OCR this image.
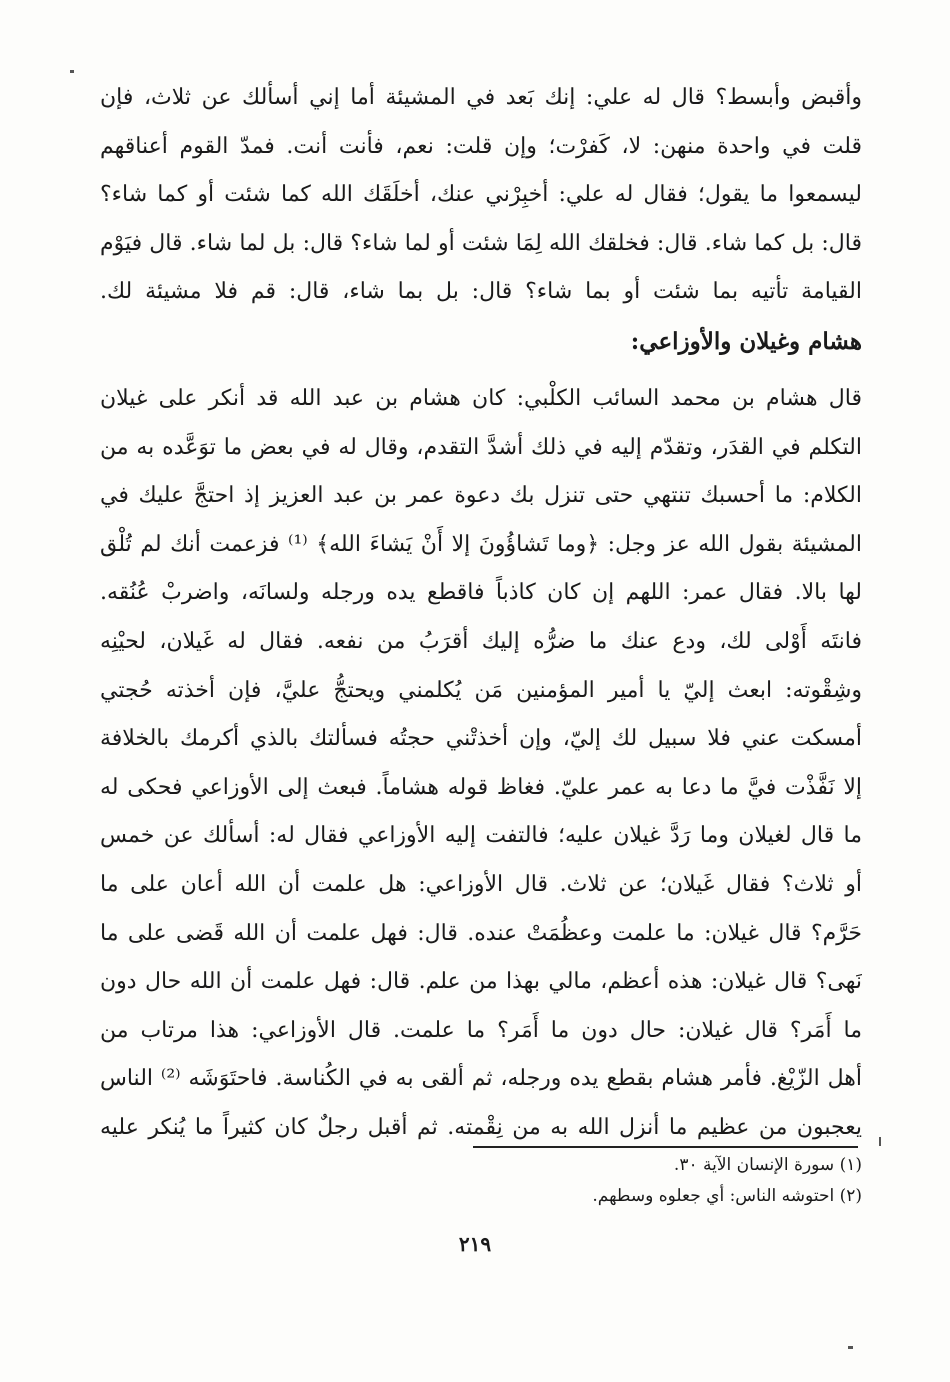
وأقبض وأبسط؟ قال له علي: إنك بَعد في المشيئة أما إني أسألك عن ثلاث، فإن
قلت في واحدة منهن: لا، كَفرْت؛ وإن قلت: نعم، فأنت أنت. فمدّ القوم أعناقهم
ليسمعوا ما يقول؛ فقال له علي: أخبِرْني عنك، أخلَقَك الله كما شئت أو كما شاء؟
قال: بل كما شاء. قال: فخلقك الله لِمَا شئت أو لما شاء؟ قال: بل لما شاء. قال فيَوْم
القيامة تأتيه بما شئت أو بما شاء؟ قال: بل بما شاء، قال: قم فلا مشيئة لك.
هشام وغيلان والأوزاعي:
قال هشام بن محمد السائب الكلْبي: كان هشام بن عبد الله قد أنكر على غيلان
التكلم في القدَر، وتقدّم إليه في ذلك أشدَّ التقدم، وقال له في بعض ما توَعَّده به من
الكلام: ما أحسبك تنتهي حتى تنزل بك دعوة عمر بن عبد العزيز إذ احتجَّ عليك في
المشيئة بقول الله عز وجل: ﴿وما تَشاؤُونَ إلا أَنْ يَشاءَ الله﴾ ⁽¹⁾ فزعمت أنك لم تُلْق
لها بالا. فقال عمر: اللهم إن كان كاذباً فاقطع يده ورجله ولسانَه، واضربْ عُنُقه.
فانتَه أَوْلى لك، ودع عنك ما ضرُّه إليك أقرَبُ من نفعه. فقال له غَيلان، لحيْنِه
وشِقْوته: ابعث إليّ يا أمير المؤمنين مَن يُكلمني ويحتجُّ عليَّ، فإن أخذته حُجتي
أمسكت عني فلا سبيل لك إليّ، وإن أخذتْني حجتُه فسألتك بالذي أكرمك بالخلافة
إلا نَفَّذْت فيَّ ما دعا به عمر عليّ. فغاظ قوله هشاماً. فبعث إلى الأوزاعي فحكى له
ما قال لغيلان وما رَدَّ غيلان عليه؛ فالتفت إليه الأوزاعي فقال له: أسألك عن خمس
أو ثلاث؟ فقال غَيلان؛ عن ثلاث. قال الأوزاعي: هل علمت أن الله أعان على ما
حَرَّم؟ قال غيلان: ما علمت وعظُمَتْ عنده. قال: فهل علمت أن الله قَضى على ما
نَهى؟ قال غيلان: هذه أعظم، مالي بهذا من علم. قال: فهل علمت أن الله حال دون
ما أَمَر؟ قال غيلان: حال دون ما أَمَر؟ ما علمت. قال الأوزاعي: هذا مرتاب من
أهل الزّيْغ. فأمر هشام بقطع يده ورجله، ثم ألقى به في الكُناسة. فاحتَوَشَه ⁽²⁾ الناس
يعجبون من عظيم ما أنزل الله به من نِقْمته. ثم أقبل رجلٌ كان كثيراً ما يُنكر عليه
(١) سورة الإنسان الآية ٣٠.
(٢) احتوشه الناس: أي جعلوه وسطهم.
٢١٩
